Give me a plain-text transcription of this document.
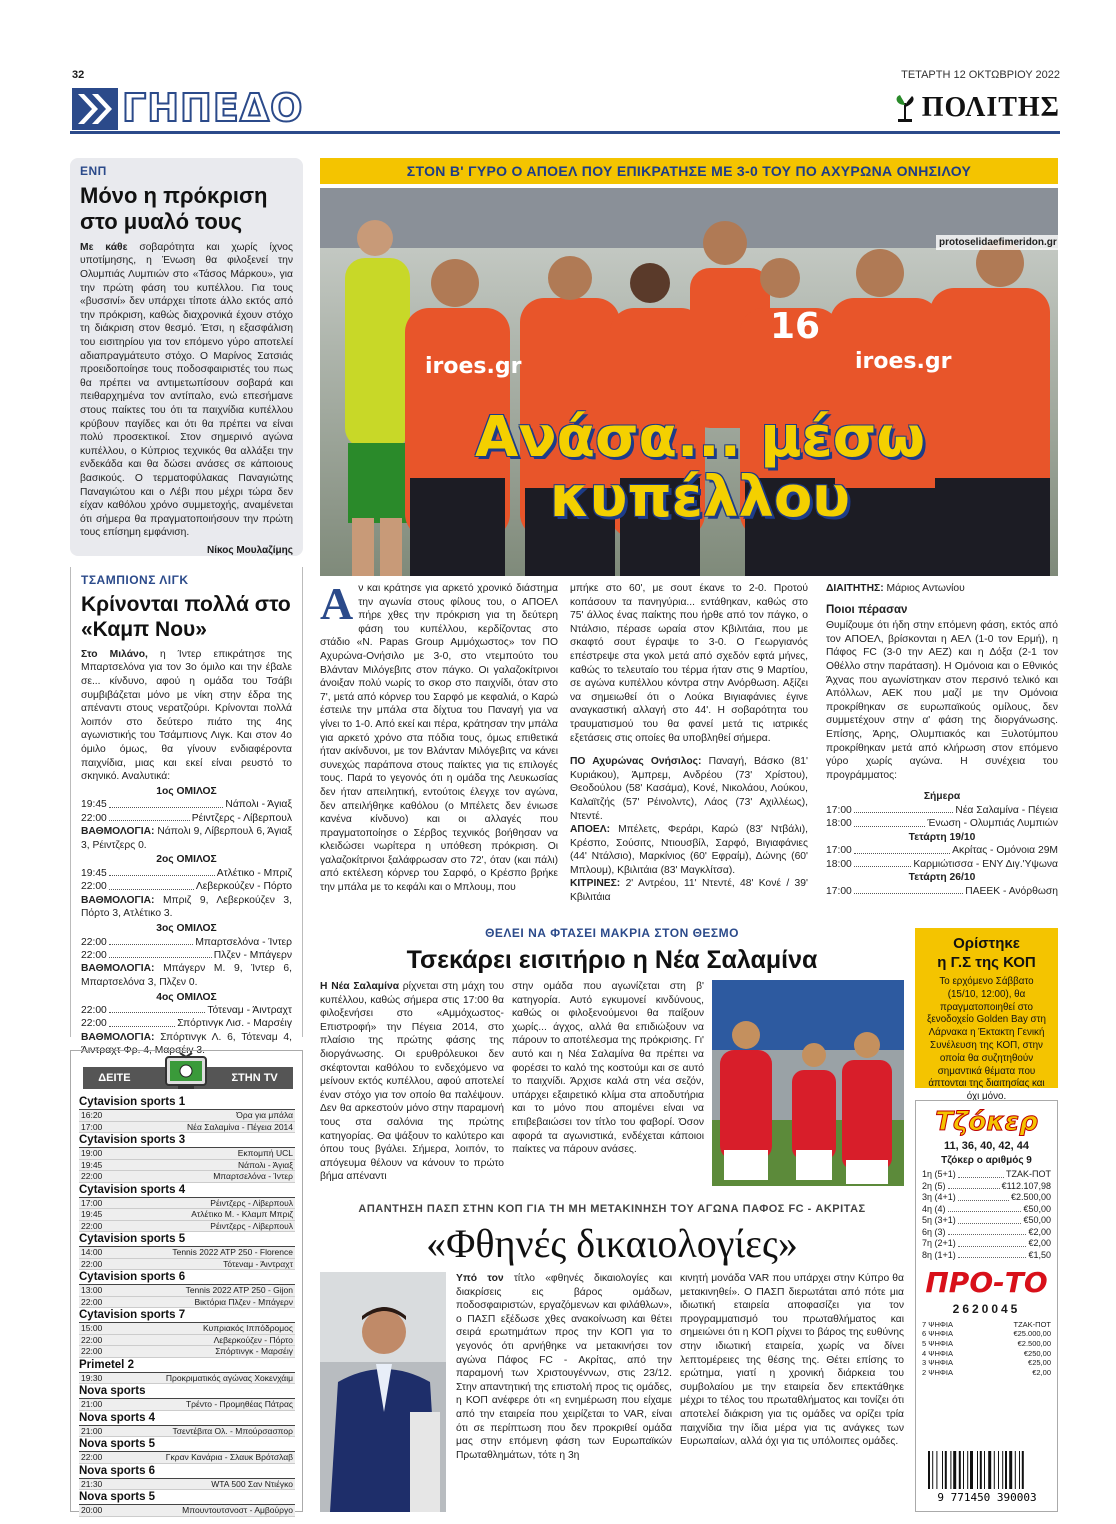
32	ΤΕΤΑΡΤΗ 12 ΟΚΤΩΒΡΙΟΥ 2022
ΓΗΠΕΔΟ	ΠΟΛΙΤΗΣ
ΕΝΠ
Μόνο η πρόκριση στο μυαλό τους

Με κάθε σοβαρότητα και χωρίς ίχνος υποτίμησης, η Ένωση θα φιλοξενεί την Ολυμπιάς Λυμπιών στο «Τάσος Μάρκου», για την πρώτη φάση του κυπέλλου. Για τους «βυσσινί» δεν υπάρχει τίποτε άλλο εκτός από την πρόκριση, καθώς διαχρονικά έχουν στόχο τη διάκριση στον θεσμό. Έτσι, η εξασφάλιση του εισιτηρίου για τον επόμενο γύρο αποτελεί αδιαπραγμάτευτο στόχο. Ο Μαρίνος Σατσιάς προειδοποίησε τους ποδοσφαιριστές του πως θα πρέπει να αντιμετωπίσουν σοβαρά και πειθαρχημένα τον αντίπαλο, ενώ επεσήμανε στους παίκτες του ότι τα παιχνίδια κυπέλλου κρύβουν παγίδες και ότι θα πρέπει να είναι πολύ προσεκτικοί. Στον σημερινό αγώνα κυπέλλου, ο Κύπριος τεχνικός θα αλλάξει την ενδεκάδα και θα δώσει ανάσες σε κάποιους βασικούς. Ο τερματοφύλακας Παναγιώτης Παναγιώτου και ο Λέβι που μέχρι τώρα δεν είχαν καθόλου χρόνο συμμετοχής, αναμένεται ότι σήμερα θα πραγματοποιήσουν την πρώτη τους επίσημη εμφάνιση.

Νίκος Μουλαζίμης
ΤΣΑΜΠΙΟΝΣ ΛΙΓΚ
Κρίνονται πολλά στο «Καμπ Νου»

Στο Μιλάνο, η Ίντερ επικράτησε της Μπαρτσελόνα για τον 3ο όμιλο και την έβαλε σε... κίνδυνο, αφού η ομάδα του Τσάβι συμβιβάζεται μόνο με νίκη στην έδρα της απέναντι στους νερατζούρι. Κρίνονται πολλά λοιπόν στο δεύτερο πιάτο της 4ης αγωνιστικής του Τσάμπιονς Λιγκ. Και στον 4ο όμιλο όμως, θα γίνουν ενδιαφέροντα παιχνίδια, μιας και εκεί είναι ρευστό το σκηνικό. Αναλυτικά:

1ος ΟΜΙΛΟΣ
19:45	Νάπολι - Άγιαξ
22:00	Ρέιντζερς - Λίβερπουλ
ΒΑΘΜΟΛΟΓΙΑ: Νάπολι 9, Λίβερπουλ 6, Άγιαξ 3, Ρέιντζερς 0.
2ος ΟΜΙΛΟΣ
19:45	Ατλέτικο - Μπριζ
22:00	Λεβερκούζεν - Πόρτο
ΒΑΘΜΟΛΟΓΙΑ: Μπριζ 9, Λεβερκούζεν 3, Πόρτο 3, Ατλέτικο 3.
3ος ΟΜΙΛΟΣ
22:00	Μπαρτσελόνα - Ίντερ
22:00	Πλζεν - Μπάγερν
ΒΑΘΜΟΛΟΓΙΑ: Μπάγερν Μ. 9, Ίντερ 6, Μπαρτσελόνα 3, Πλζεν 0.
4ος ΟΜΙΛΟΣ
22:00	Τότεναμ - Άιντραχτ
22:00	Σπόρτινγκ Λισ. - Μαρσέιγ
ΒΑΘΜΟΛΟΓΙΑ: Σπόρτινγκ Λ. 6, Τότεναμ 4, Άιντραχτ Φρ. 4, Μαρσέιγ 3.
ΔΕΙΤΕ	ΣΤΗΝ TV
Cytavision sports 1
16:20	Όρα για μπάλα
17:00	Νέα Σαλαμίνα - Πέγεια 2014
Cytavision sports 3
19:00	Εκπομπή UCL
19:45	Νάπολι - Άγιαξ
22:00	Μπαρτσελόνα - Ίντερ
Cytavision sports 4
17:00	Ρέιντζερς - Λίβερπουλ
19:45	Ατλέτικο Μ. - Κλαμπ Μπριζ
22:00	Ρέιντζερς - Λίβερπουλ
Cytavision sports 5
14:00	Tennis 2022 ATP 250 - Florence
22:00	Τότεναμ - Άιντραχτ
Cytavision sports 6
13:00	Tennis 2022 ATP 250 - Gijon
22:00	Βικτόρια Πλζεν - Μπάγερν
Cytavision sports 7
15:00	Κυπριακός Ιππόδρομος
22:00	Λεβερκούζεν - Πόρτο
22:00	Σπόρτινγκ - Μαρσέιγ
Primetel 2
19:30	Προκριματικός αγώνας Χοκενχάιμ
Nova sports
21:00	Τρέντο - Προμηθέας Πάτρας
Nova sports 4
21:00	Τσεντέβιτα Ολ. - Μπούρσασπορ
Nova sports 5
22:00	Γκραν Κανάρια - Σλαυκ Βρότσλαβ
Nova sports 6
21:30	WTA 500 Σαν Ντιέγκο
Nova sports 5
20:00	Μπουντουτσνοστ - Αμβούργο
ΣΤΟΝ Β' ΓΥΡΟ Ο ΑΠΟΕΛ ΠΟΥ ΕΠΙΚΡΑΤΗΣΕ ΜΕ 3-0 ΤΟΥ ΠΟ ΑΧΥΡΩΝΑ ΟΝΗΣΙΛΟΥ
iroes.gr	iroes.gr
16
Ανάσα... μέσω
κυπέλλου
protoselidaefimeridon.gr
Αν και κράτησε για αρκετό χρονικό διάστημα την αγωνία στους φίλους του, ο ΑΠΟΕΛ πήρε χθες την πρόκριση για τη δεύτερη φάση του κυπέλλου, κερδίζοντας στο στάδιο «N. Papas Group Αμμόχωστος» τον ΠΟ Αχυρώνα-Ονήσιλο με 3-0, στο ντεμπούτο του Βλάνταν Μιλόγεβιτς στον πάγκο. Οι γαλαζοκίτρινοι άνοιξαν πολύ νωρίς το σκορ στο παιχνίδι, όταν στο 7', μετά από κόρνερ του Σαρφό με κεφαλιά, ο Καρώ έστειλε την μπάλα στα δίχτυα του Παναγή για να γίνει το 1-0. Από εκεί και πέρα, κράτησαν την μπάλα για αρκετό χρόνο στα πόδια τους, όμως επιθετικά ήταν ακίνδυνοι, με τον Βλάνταν Μιλόγεβιτς να κάνει συνεχώς παράπονα στους παίκτες για τις επιλογές τους. Παρά το γεγονός ότι η ομάδα της Λευκωσίας δεν ήταν απειλητική, εντούτοις έλεγχε τον αγώνα, δεν απειλήθηκε καθόλου (ο Μπέλετς δεν ένιωσε κανένα κίνδυνο) και οι αλλαγές που πραγματοποίησε ο Σέρβος τεχνικός βοήθησαν να κλειδώσει νωρίτερα η υπόθεση πρόκριση. Οι γαλαζοκίτρινοι ξαλάφρωσαν στο 72', όταν (και πάλι) από εκτέλεση κόρνερ του Σαρφό, ο Κρέσπο βρήκε την μπάλα με το κεφάλι και ο Μπλουμ, που

μπήκε στο 60', με σουτ έκανε το 2-0. Προτού κοπάσουν τα πανηγύρια... εντάθηκαν, καθώς στο 75' άλλος ένας παίκτης που ήρθε από τον πάγκο, ο Ντάλσιο, πέρασε ωραία στον Κβιλιτάια, που με σκαφτό σουτ έγραψε το 3-0. Ο Γεωργιανός επέστρεψε στα γκολ μετά από σχεδόν εφτά μήνες, καθώς το τελευταίο του τέρμα ήταν στις 9 Μαρτίου, σε αγώνα κυπέλλου κόντρα στην Ανόρθωση. Αξίζει να σημειωθεί ότι ο Λούκα Βιγιαφάνιες έγινε αναγκαστική αλλαγή στο 44'. Η σοβαρότητα του τραυματισμού του θα φανεί μετά τις ιατρικές εξετάσεις στις οποίες θα υποβληθεί σήμερα.

ΠΟ Αχυρώνας Ονήσιλος: Παναγή, Βάσκο (81' Κυριάκου), Άμπρεμ, Ανδρέου (73' Χρίστου), Θεοδούλου (58' Κασάμα), Κονέ, Νικολάου, Λούκου, Καλαϊτζής (57' Ρέινολντς), Λάος (73' Αχιλλέως), Ντεντέ.

ΑΠΟΕΛ: Μπέλετς, Φεράρι, Καρώ (83' Ντβάλι), Κρέσπο, Σούσιτς, Ντιουσβίλ, Σαρφό, Βιγιαφάνιες (44' Ντάλσιο), Μαρκίνιος (60' Εφραίμ), Δώνης (60' Μπλουμ), Κβιλιτάια (83' Μαγκλίτσα).

ΚΙΤΡΙΝΕΣ: 2' Αντρέου, 11' Ντεντέ, 48' Κονέ / 39' Κβιλιτάια

ΔΙΑΙΤΗΤΗΣ: Μάριος Αντωνίου

Ποιοι πέρασαν

Θυμίζουμε ότι ήδη στην επόμενη φάση, εκτός από τον ΑΠΟΕΛ, βρίσκονται η ΑΕΛ (1-0 τον Ερμή), η Πάφος FC (3-0 την ΑΕΖ) και η Δόξα (2-1 τον Οθέλλο στην παράταση). Η Ομόνοια και ο Εθνικός Άχνας που αγωνίστηκαν στον περσινό τελικό και Απόλλων, ΑΕΚ που μαζί με την Ομόνοια προκρίθηκαν σε ευρωπαϊκούς ομίλους, δεν συμμετέχουν στην α' φάση της διοργάνωσης. Επίσης, Άρης, Ολυμπιακός και Ξυλοτύμπου προκρίθηκαν μετά από κλήρωση στον επόμενο γύρο χωρίς αγώνα. Η συνέχεια του προγράμματος:

Σήμερα
17:00	Νέα Σαλαμίνα - Πέγεια
18:00	Ένωση - Ολυμπιάς Λυμπιών
Τετάρτη 19/10
17:00	Ακρίτας - Ομόνοια 29Μ
18:00	Καρμιώτισσα - ΕΝΥ Διγ.'Υψωνα
Τετάρτη 26/10
17:00	ΠΑΕΕΚ - Ανόρθωση
ΘΕΛΕΙ ΝΑ ΦΤΑΣΕΙ ΜΑΚΡΙΑ ΣΤΟΝ ΘΕΣΜΟ
Τσεκάρει εισιτήριο η Νέα Σαλαμίνα
Η Νέα Σαλαμίνα ρίχνεται στη μάχη του κυπέλλου, καθώς σήμερα στις 17:00 θα φιλοξενήσει στο «Αμμόχωστος-Επιστροφή» την Πέγεια 2014, στο πλαίσιο της πρώτης φάσης της διοργάνωσης. Οι ερυθρόλευκοι δεν σκέφτονται καθόλου το ενδεχόμενο να μείνουν εκτός κυπέλλου, αφού αποτελεί έναν στόχο για τον οποίο θα παλέψουν. Δεν θα αρκεστούν μόνο στην παραμονή τους στα σαλόνια της πρώτης κατηγορίας. Θα ψάξουν το καλύτερο και όπου τους βγάλει. Σήμερα, λοιπόν, το απόγευμα θέλουν να κάνουν το πρώτο βήμα απέναντι
στην ομάδα που αγωνίζεται στη β' κατηγορία. Αυτό εγκυμονεί κινδύνους, καθώς οι φιλοξενούμενοι θα παίξουν χωρίς... άγχος, αλλά θα επιδιώξουν να πάρουν το αποτέλεσμα της πρόκρισης. Γι' αυτό και η Νέα Σαλαμίνα θα πρέπει να φορέσει το καλό της κοστούμι και σε αυτό το παιχνίδι. Άρχισε καλά στη νέα σεζόν, υπάρχει εξαιρετικό κλίμα στα αποδυτήρια και το μόνο που απομένει είναι να επιβεβαιώσει τον τίτλο του φαβορί. Όσον αφορά τα αγωνιστικά, ενδέχεται κάποιοι παίκτες να πάρουν ανάσες.
Ορίστηκε
η Γ.Σ της ΚΟΠ
Το ερχόμενο Σάββατο (15/10, 12:00), θα πραγματοποιηθεί στο ξενοδοχείο Golden Bay στη Λάρνακα η Έκτακτη Γενική Συνέλευση της ΚΟΠ, στην οποία θα συζητηθούν σημαντικά θέματα που άπτονται της διαιτησίας και όχι μόνο.
ΑΠΑΝΤΗΣΗ ΠΑΣΠ ΣΤΗΝ ΚΟΠ ΓΙΑ ΤΗ ΜΗ ΜΕΤΑΚΙΝΗΣΗ ΤΟΥ ΑΓΩΝΑ ΠΑΦΟΣ FC - ΑΚΡΙΤΑΣ
«Φθηνές δικαιολογίες»
Υπό τον τίτλο «φθηνές δικαιολογίες και διακρίσεις εις βάρος ομάδων, ποδοσφαιριστών, εργαζόμενων και φιλάθλων», ο ΠΑΣΠ εξέδωσε χθες ανακοίνωση και θέτει σειρά ερωτημάτων προς την ΚΟΠ για το γεγονός ότι αρνήθηκε να μετακινήσει τον αγώνα Πάφος FC - Ακρίτας, από την παραμονή των Χριστουγέννων, στις 23/12. Στην απαντητική της επιστολή προς τις ομάδες, η ΚΟΠ ανέφερε ότι «η ενημέρωση που είχαμε από την εταιρεία που χειρίζεται το VAR, είναι ότι σε περίπτωση που δεν προκριθεί ομάδα μας στην επόμενη φάση των Ευρωπαϊκών Πρωταθλημάτων, τότε η 3η
κινητή μονάδα VAR που υπάρχει στην Κύπρο θα μετακινηθεί». Ο ΠΑΣΠ διερωτάται από πότε μια ιδιωτική εταιρεία αποφασίζει για τον προγραμματισμό του πρωταθλήματος και σημειώνει ότι η ΚΟΠ ρίχνει το βάρος της ευθύνης στην ιδιωτική εταιρεία, χωρίς να δίνει λεπτομέρειες της θέσης της. Θέτει επίσης το ερώτημα, γιατί η χρονική διάρκεια του συμβολαίου με την εταιρεία δεν επεκτάθηκε μέχρι το τέλος του πρωταθλήματος και τονίζει ότι αποτελεί διάκριση για τις ομάδες να ορίζει τρία παιχνίδια την ίδια μέρα για τις ανάγκες των Ευρωπαίων, αλλά όχι για τις υπόλοιπες ομάδες.
Τζόκερ
11, 36, 40, 42, 44
Τζόκερ ο αριθμός 9
1η (5+1)	ΤΖΑΚ-ΠΟΤ
2η (5)	€112.107,98
3η (4+1)	€2.500,00
4η (4)	€50,00
5η (3+1)	€50,00
6η (3)	€2,00
7η (2+1)	€2,00
8η (1+1)	€1,50
ΠΡΟ-ΤΟ
2620045
7 ΨΗΦΙΑ	ΤΖΑΚ-ΠΟΤ
6 ΨΗΦΙΑ	€25.000,00
5 ΨΗΦΙΑ	€2.500,00
4 ΨΗΦΙΑ	€250,00
3 ΨΗΦΙΑ	€25,00
2 ΨΗΦΙΑ	€2,00
9 771450 390003
